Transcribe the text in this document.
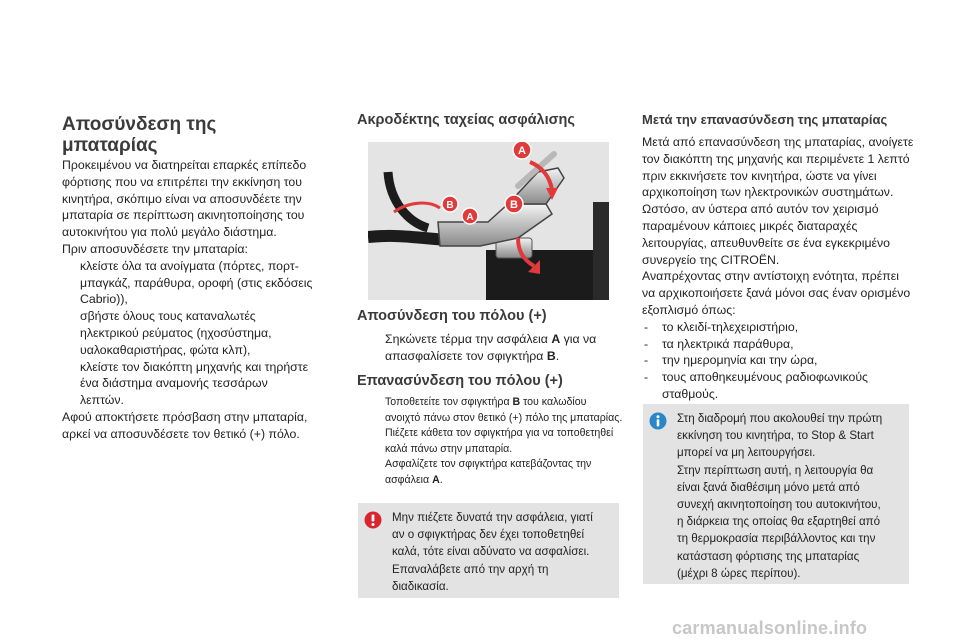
Αποσύνδεση της
μπαταρίας
Προκειμένου να διατηρείται επαρκές επίπεδο
φόρτισης που να επιτρέπει την εκκίνηση του
κινητήρα, σκόπιμο είναι να αποσυνδέετε την
μπαταρία σε περίπτωση ακινητοποίησης του
αυτοκινήτου για πολύ μεγάλο διάστημα.
Πριν αποσυνδέσετε την μπαταρία:
κλείστε όλα τα ανοίγματα (πόρτες, πορτ-
μπαγκάζ, παράθυρα, οροφή (στις εκδόσεις
Cabrio)),
σβήστε όλους τους καταναλωτές
ηλεκτρικού ρεύματος (ηχοσύστημα,
υαλοκαθαριστήρας, φώτα κλπ),
κλείστε τον διακόπτη μηχανής και τηρήστε
ένα διάστημα αναμονής τεσσάρων
λεπτών.
Αφού αποκτήσετε πρόσβαση στην μπαταρία,
αρκεί να αποσυνδέσετε τον θετικό (+) πόλο.
Ακροδέκτης ταχείας ασφάλισης
A
A
B
B
Αποσύνδεση του πόλου (+)
Σηκώνετε τέρμα την ασφάλεια A για να
απασφαλίσετε τον σφιγκτήρα B.
Επανασύνδεση του πόλου (+)
Τοποθετείτε τον σφιγκτήρα B του καλωδίου
ανοιχτό πάνω στον θετικό (+) πόλο της μπαταρίας.
Πιέζετε κάθετα τον σφιγκτήρα για να τοποθετηθεί
καλά πάνω στην μπαταρία.
Ασφαλίζετε τον σφιγκτήρα κατεβάζοντας την
ασφάλεια A.
Μην πιέζετε δυνατά την ασφάλεια, γιατί
αν ο σφιγκτήρας δεν έχει τοποθετηθεί
καλά, τότε είναι αδύνατο να ασφαλίσει.
Επαναλάβετε από την αρχή τη
διαδικασία.
Μετά την επανασύνδεση της μπαταρίας
Μετά από επανασύνδεση της μπαταρίας, ανοίγετε
τον διακόπτη της μηχανής και περιμένετε 1 λεπτό
πριν εκκινήσετε τον κινητήρα, ώστε να γίνει
αρχικοποίηση των ηλεκτρονικών συστημάτων.
Ωστόσο, αν ύστερα από αυτόν τον χειρισμό
παραμένουν κάποιες μικρές διαταραχές
λειτουργίας, απευθυνθείτε σε ένα εγκεκριμένο
συνεργείο της CITROËN.
Αναπρέχοντας στην αντίστοιχη ενότητα, πρέπει
να αρχικοποιήσετε ξανά μόνοι σας έναν ορισμένο
εξοπλισμό όπως:
- το κλειδί-τηλεχειριστήριο,
- τα ηλεκτρικά παράθυρα,
- την ημερομηνία και την ώρα,
- τους αποθηκευμένους ραδιοφωνικούς
σταθμούς.
Στη διαδρομή που ακολουθεί την πρώτη
εκκίνηση του κινητήρα, το Stop & Start
μπορεί να μη λειτουργήσει.
Στην περίπτωση αυτή, η λειτουργία θα
είναι ξανά διαθέσιμη μόνο μετά από
συνεχή ακινητοποίηση του αυτοκινήτου,
η διάρκεια της οποίας θα εξαρτηθεί από
τη θερμοκρασία περιβάλλοντος και την
κατάσταση φόρτισης της μπαταρίας
(μέχρι 8 ώρες περίπου).
carmanualsonline.info
